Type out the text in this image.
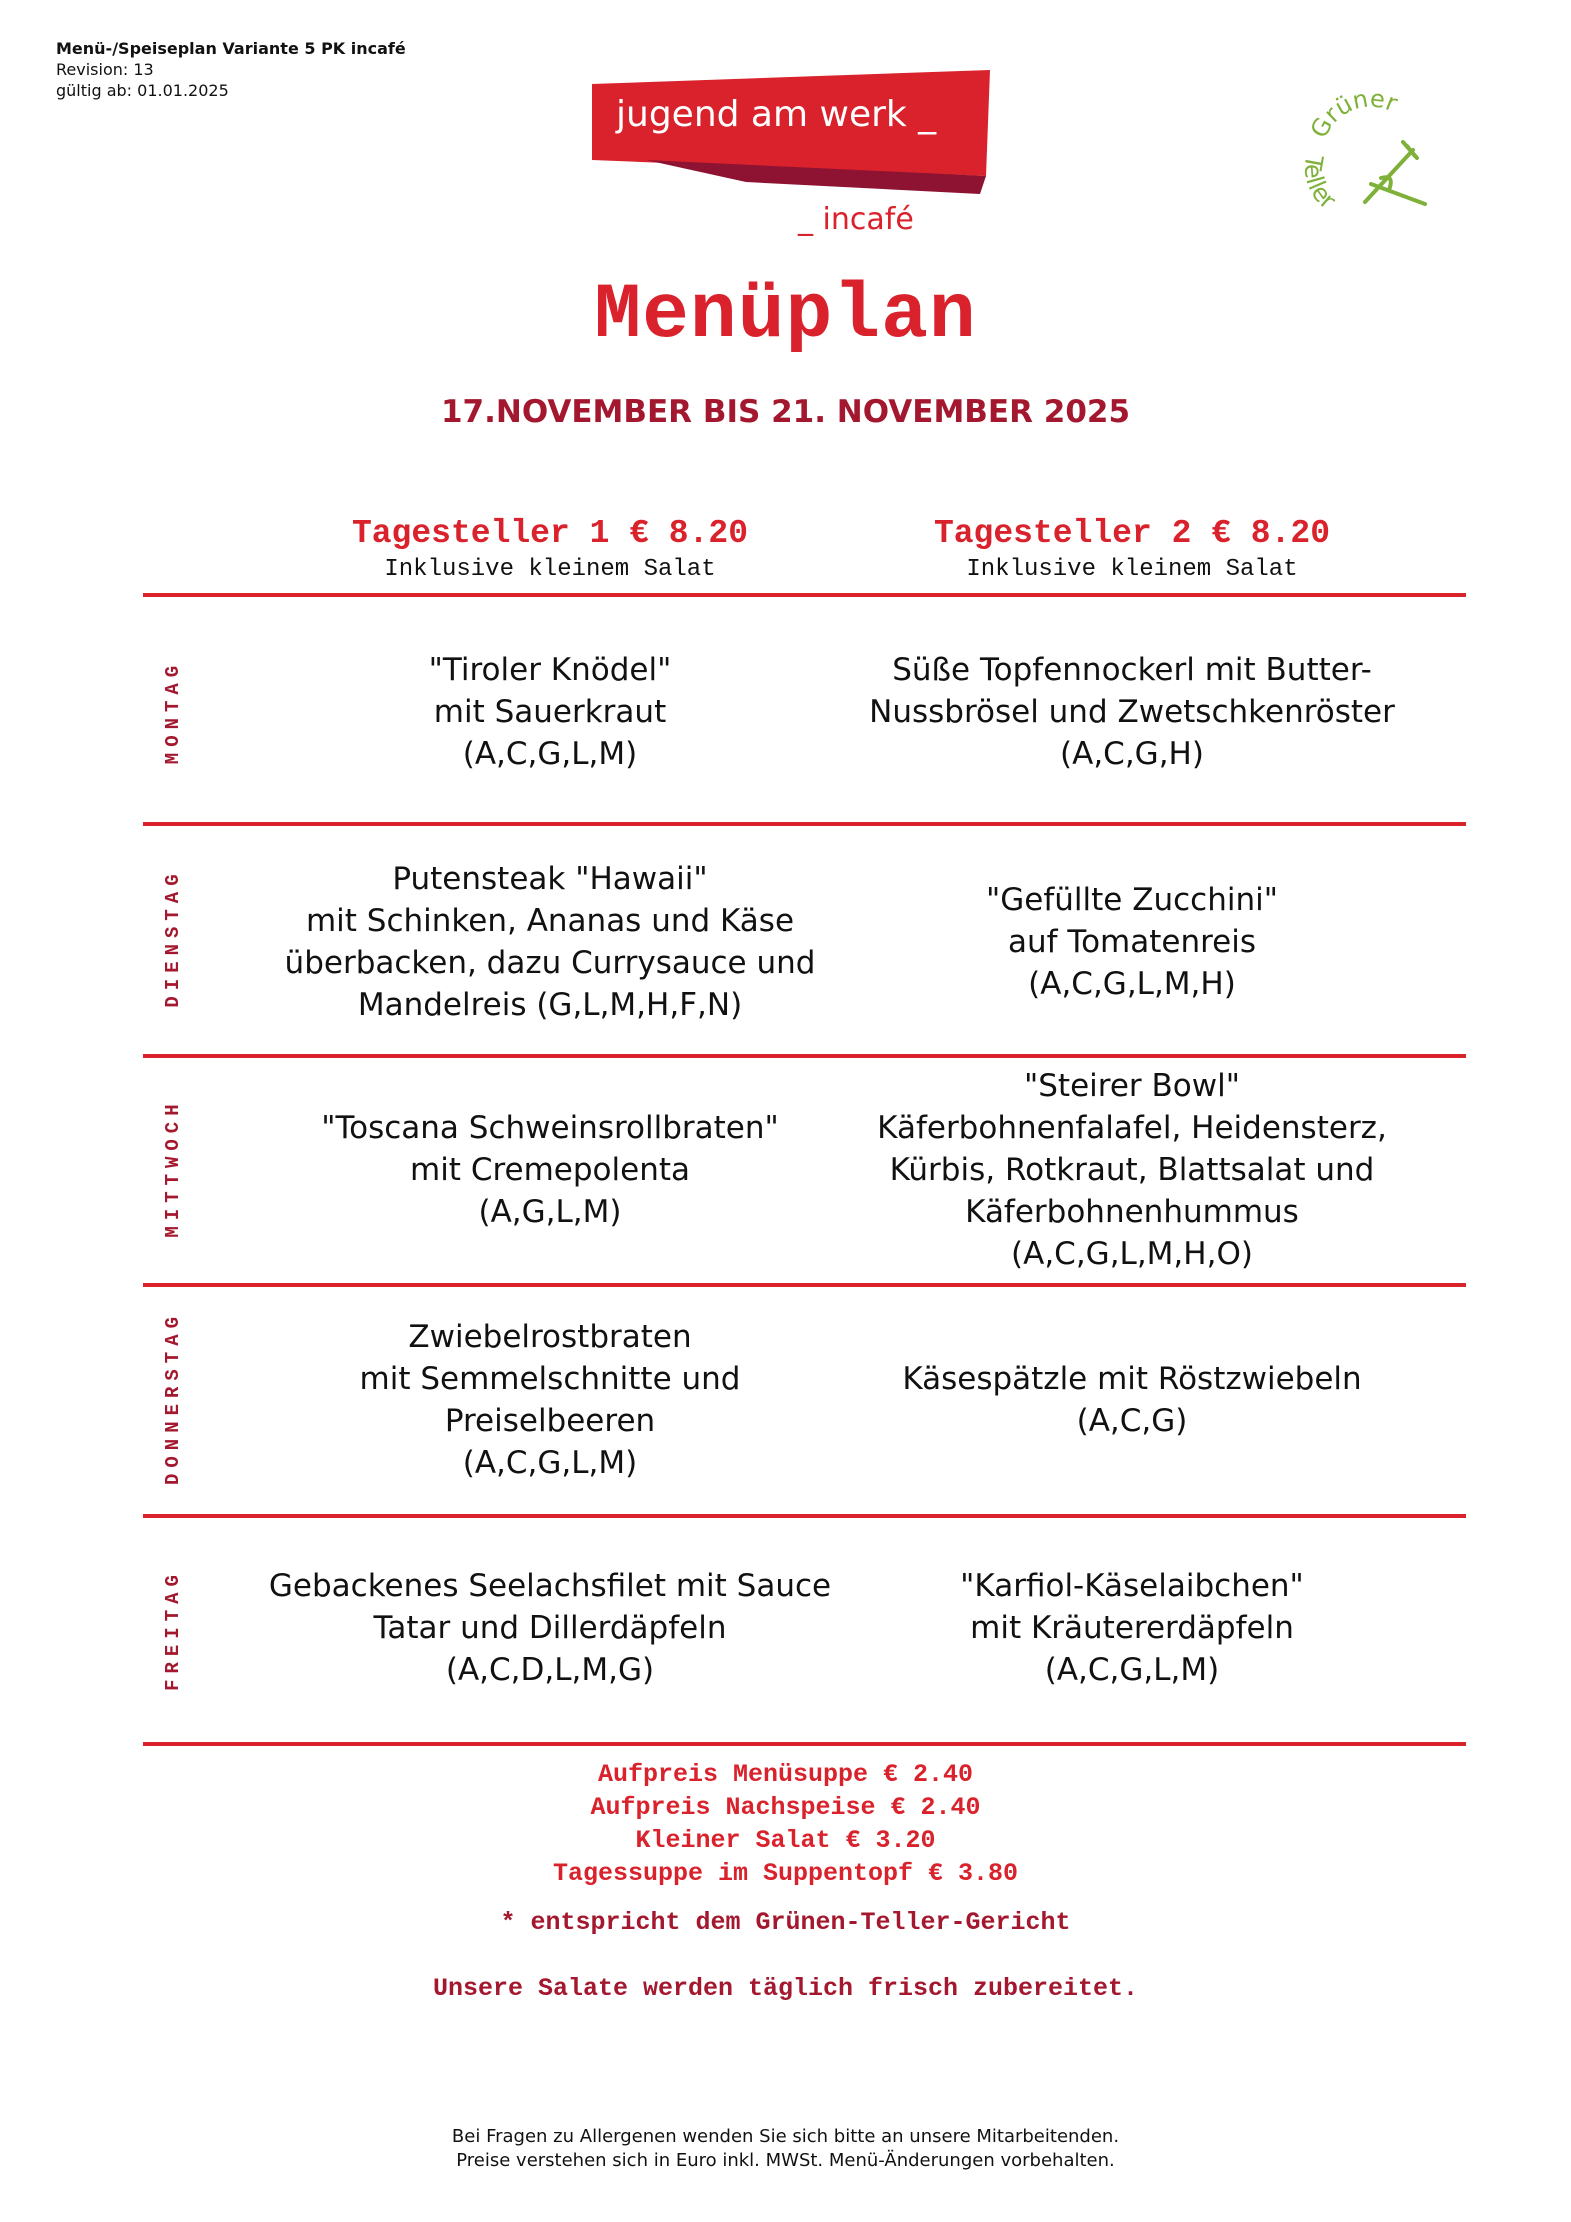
Menü-/Speiseplan Variante 5 PK incafé
Revision: 13
gültig ab: 01.01.2025
jugend am werk _
_ incafé
Grüner
Teller
Menüplan
17.NOVEMBER BIS 21. NOVEMBER 2025
Tagesteller 1 € 8.20
Inklusive kleinem Salat
Tagesteller 2 € 8.20
Inklusive kleinem Salat
MONTAG
DIENSTAG
MITTWOCH
DONNERSTAG
FREITAG
"Tiroler Knödel"
mit Sauerkraut
(A,C,G,L,M)
Süße Topfennockerl mit Butter-
Nussbrösel und Zwetschkenröster
(A,C,G,H)
Putensteak "Hawaii"
mit Schinken, Ananas und Käse
überbacken, dazu Currysauce und
Mandelreis (G,L,M,H,F,N)
"Gefüllte Zucchini"
auf Tomatenreis
(A,C,G,L,M,H)
"Toscana Schweinsrollbraten"
mit Cremepolenta
(A,G,L,M)
"Steirer Bowl"
Käferbohnenfalafel, Heidensterz,
Kürbis, Rotkraut, Blattsalat und
Käferbohnenhummus
(A,C,G,L,M,H,O)
Zwiebelrostbraten
mit Semmelschnitte und
Preiselbeeren
(A,C,G,L,M)
Käsespätzle mit Röstzwiebeln
(A,C,G)
Gebackenes Seelachsfilet mit Sauce
Tatar und Dillerdäpfeln
(A,C,D,L,M,G)
"Karfiol-Käselaibchen"
mit Kräutererdäpfeln
(A,C,G,L,M)
Aufpreis Menüsuppe € 2.40
Aufpreis Nachspeise € 2.40
Kleiner Salat € 3.20
Tagessuppe im Suppentopf € 3.80
* entspricht dem Grünen-Teller-Gericht
Unsere Salate werden täglich frisch zubereitet.
Bei Fragen zu Allergenen wenden Sie sich bitte an unsere Mitarbeitenden.
Preise verstehen sich in Euro inkl. MWSt. Menü-Änderungen vorbehalten.
